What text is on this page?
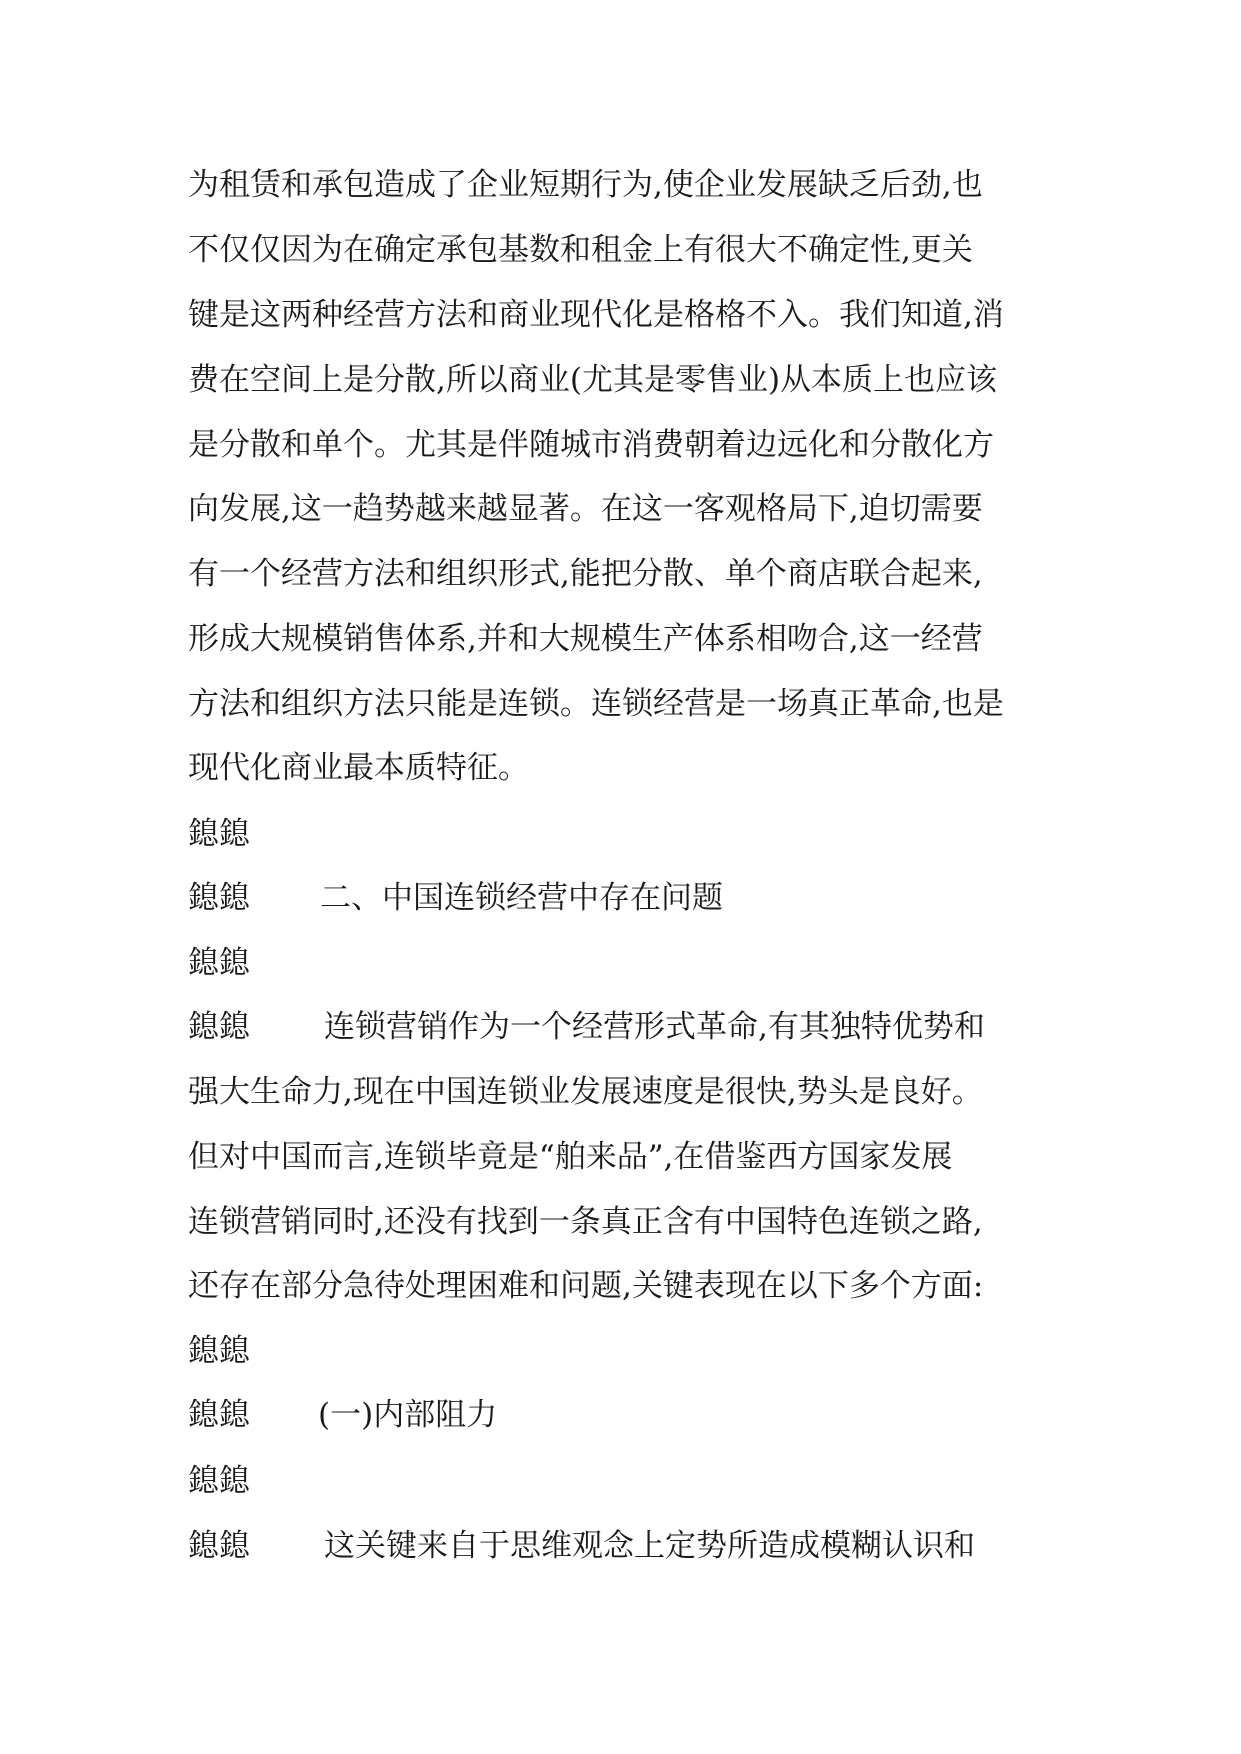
为租赁和承包造成了企业短期行为,使企业发展缺乏后劲,也
不仅仅因为在确定承包基数和租金上有很大不确定性,更关
键是这两种经营方法和商业现代化是格格不入。我们知道,消
费在空间上是分散,所以商业(尤其是零售业)从本质上也应该
是分散和单个。尤其是伴随城市消费朝着边远化和分散化方
向发展,这一趋势越来越显著。在这一客观格局下,迫切需要
有一个经营方法和组织形式,能把分散、单个商店联合起来,
形成大规模销售体系,并和大规模生产体系相吻合,这一经营
方法和组织方法只能是连锁。连锁经营是一场真正革命,也是
现代化商业最本质特征。
鎴鎴
鎴鎴 二、中国连锁经营中存在问题
鎴鎴
鎴鎴 连锁营销作为一个经营形式革命,有其独特优势和
强大生命力,现在中国连锁业发展速度是很快,势头是良好。
但对中国而言,连锁毕竟是“舶来品”,在借鉴西方国家发展
连锁营销同时,还没有找到一条真正含有中国特色连锁之路,
还存在部分急待处理困难和问题,关键表现在以下多个方面:
鎴鎴
鎴鎴 (一)内部阻力
鎴鎴
鎴鎴 这关键来自于思维观念上定势所造成模糊认识和
